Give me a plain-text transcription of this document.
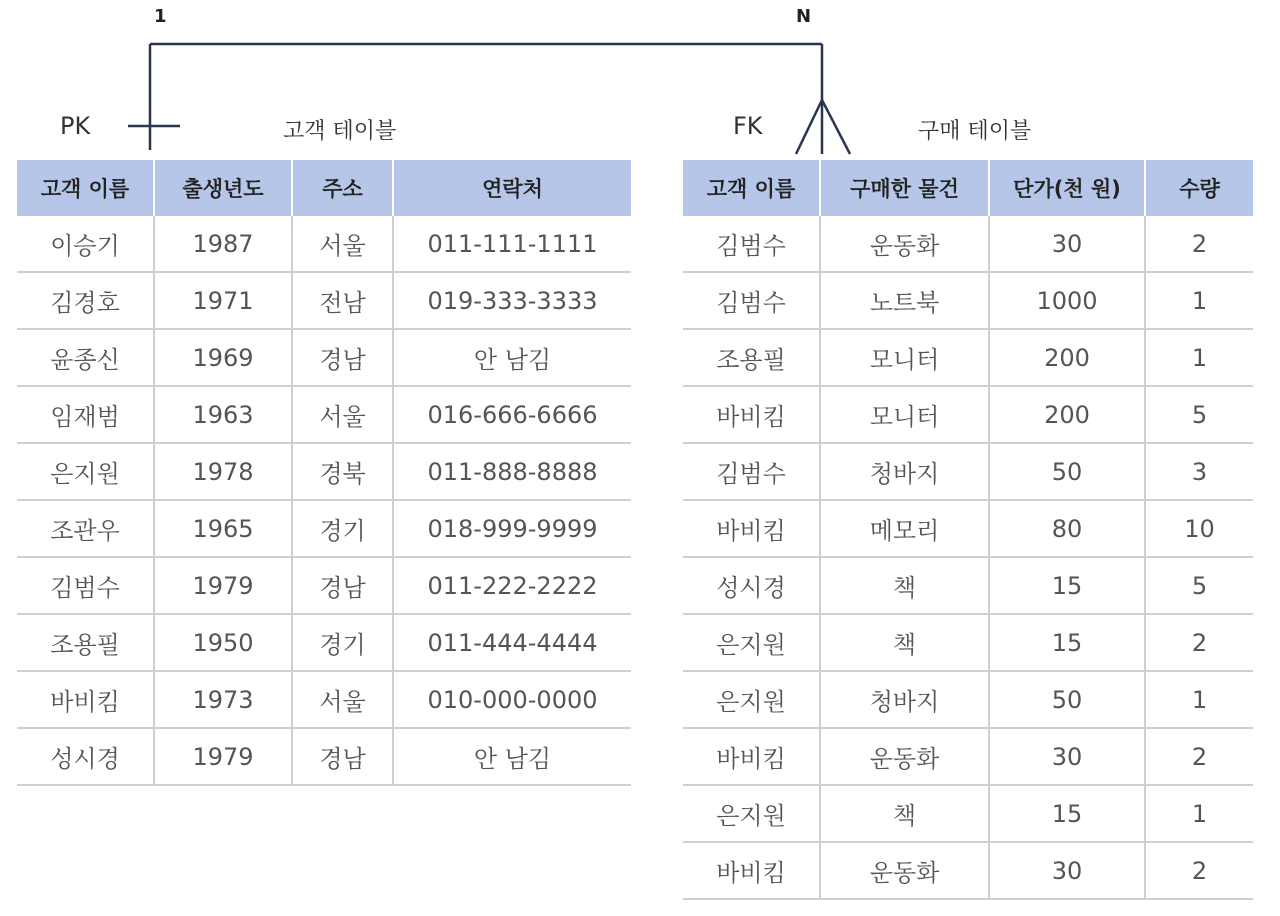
1	N
PK	고객 테이블	FK	구매 테이블
고객 이름	출생년도	주소	연락처
이승기	1987	서울	011-111-1111
김경호	1971	전남	019-333-3333
윤종신	1969	경남	안 남김
임재범	1963	서울	016-666-6666
은지원	1978	경북	011-888-8888
조관우	1965	경기	018-999-9999
김범수	1979	경남	011-222-2222
조용필	1950	경기	011-444-4444
바비킴	1973	서울	010-000-0000
성시경	1979	경남	안 남김
고객 이름	구매한 물건	단가(천 원)	수량
김범수	운동화	30	2
김범수	노트북	1000	1
조용필	모니터	200	1
바비킴	모니터	200	5
김범수	청바지	50	3
바비킴	메모리	80	10
성시경	책	15	5
은지원	책	15	2
은지원	청바지	50	1
바비킴	운동화	30	2
은지원	책	15	1
바비킴	운동화	30	2
